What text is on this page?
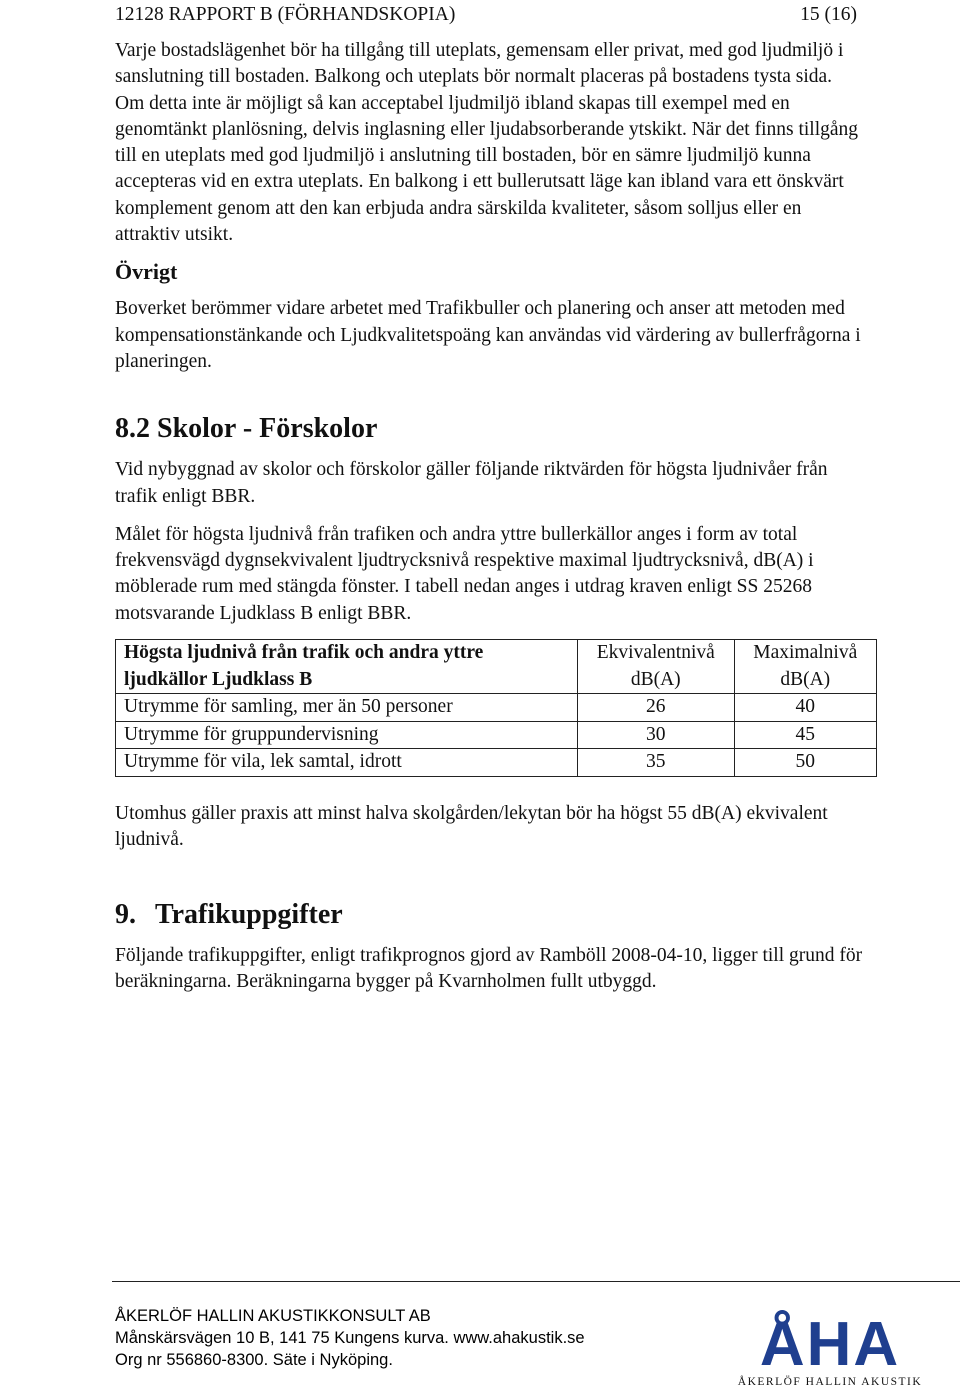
12128 RAPPORT B (FÖRHANDSKOPIA)	15 (16)

Varje bostadslägenhet bör ha tillgång till uteplats, gemensam eller privat, med god ljudmiljö i sanslutning till bostaden. Balkong och uteplats bör normalt placeras på bostadens tysta sida. Om detta inte är möjligt så kan acceptabel ljudmiljö ibland skapas till exempel med en genomtänkt planlösning, delvis inglasning eller ljudabsorberande ytskikt. När det finns tillgång till en uteplats med god ljudmiljö i anslutning till bostaden, bör en sämre ljudmiljö kunna accepteras vid en extra uteplats. En balkong i ett bullerutsatt läge kan ibland vara ett önskvärt komplement genom att den kan erbjuda andra särskilda kvaliteter, såsom solljus eller en attraktiv utsikt.

Övrigt

Boverket berömmer vidare arbetet med Trafikbuller och planering och anser att metoden med kompensationstänkande och Ljudkvalitetspoäng kan användas vid värdering av bullerfrågorna i planeringen.

8.2 Skolor - Förskolor

Vid nybyggnad av skolor och förskolor gäller följande riktvärden för högsta ljudnivåer från trafik enligt BBR.

Målet för högsta ljudnivå från trafiken och andra yttre bullerkällor anges i form av total frekvensvägd dygnsekvivalent ljudtrycksnivå respektive maximal ljudtrycksnivå, dB(A) i möblerade rum med stängda fönster. I tabell nedan anges i utdrag kraven enligt SS 25268 motsvarande Ljudklass B enligt BBR.

Högsta ljudnivå från trafik och andra yttre ljudkällor Ljudklass B	Ekvivalentnivå dB(A)	Maximalnivå dB(A)
Utrymme för samling, mer än 50 personer	26	40
Utrymme för gruppundervisning	30	45
Utrymme för vila, lek samtal, idrott	35	50

Utomhus gäller praxis att minst halva skolgården/lekytan bör ha högst 55 dB(A) ekvivalent ljudnivå.

9. Trafikuppgifter

Följande trafikuppgifter, enligt trafikprognos gjord av Ramböll 2008-04-10, ligger till grund för beräkningarna. Beräkningarna bygger på Kvarnholmen fullt utbyggd.

ÅKERLÖF HALLIN AKUSTIKKONSULT AB
Månskärsvägen 10 B, 141 75 Kungens kurva. www.ahakustik.se
Org nr 556860-8300. Säte i Nyköping.	ÅHA
ÅKERLÖF HALLIN AKUSTIK
